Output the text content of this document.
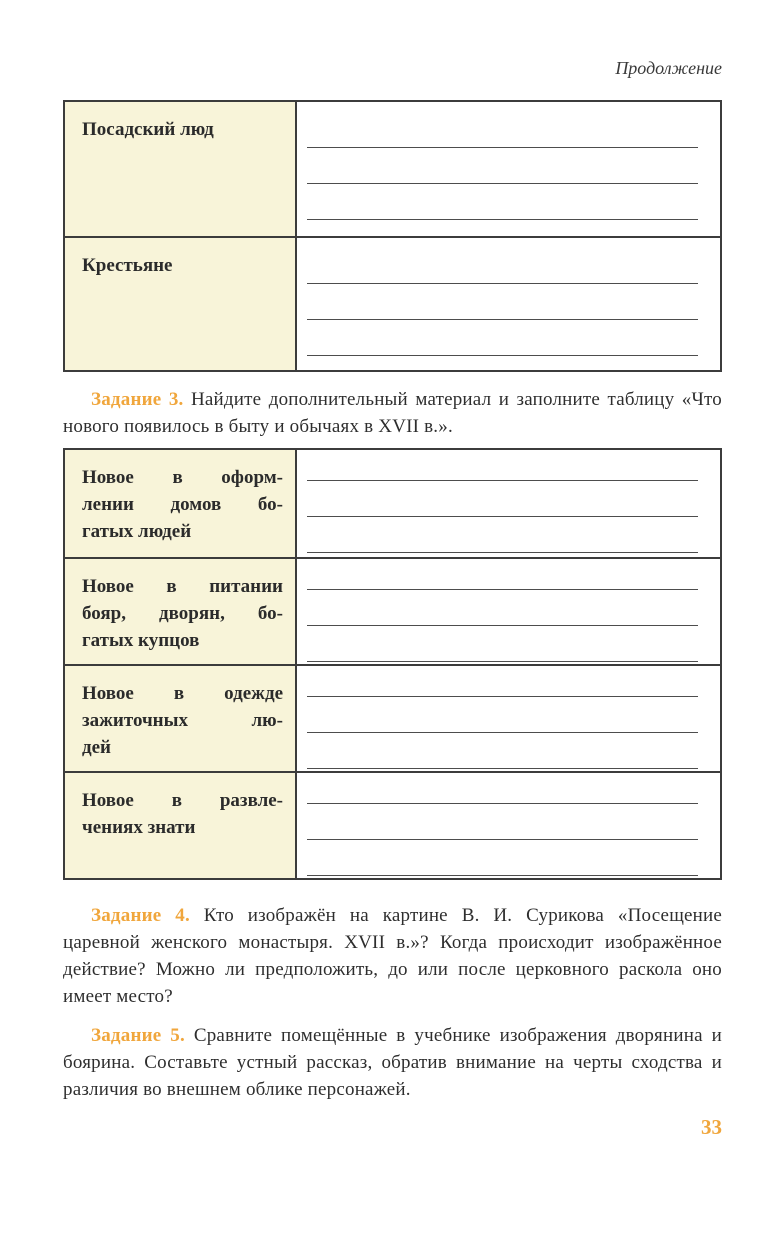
Продолжение
Посадский люд
Крестьяне

Задание 3. Найдите дополнительный материал и заполните таблицу «Что нового появилось в быту и обычаях в XVII в.».

Новое в оформ-
лении домов бо-
гатых людей
Новое в питании
бояр, дворян, бо-
гатых купцов
Новое в одежде
зажиточных лю-
дей
Новое в развле-
чениях знати

Задание 4. Кто изображён на картине В. И. Сурикова «Посещение царевной женского монастыря. XVII в.»? Когда происходит изображённое действие? Можно ли предположить, до или после церковного раскола оно имеет место?

Задание 5. Сравните помещённые в учебнике изображения дворянина и боярина. Составьте устный рассказ, обратив внимание на черты сходства и различия во внешнем облике персонажей.

33
